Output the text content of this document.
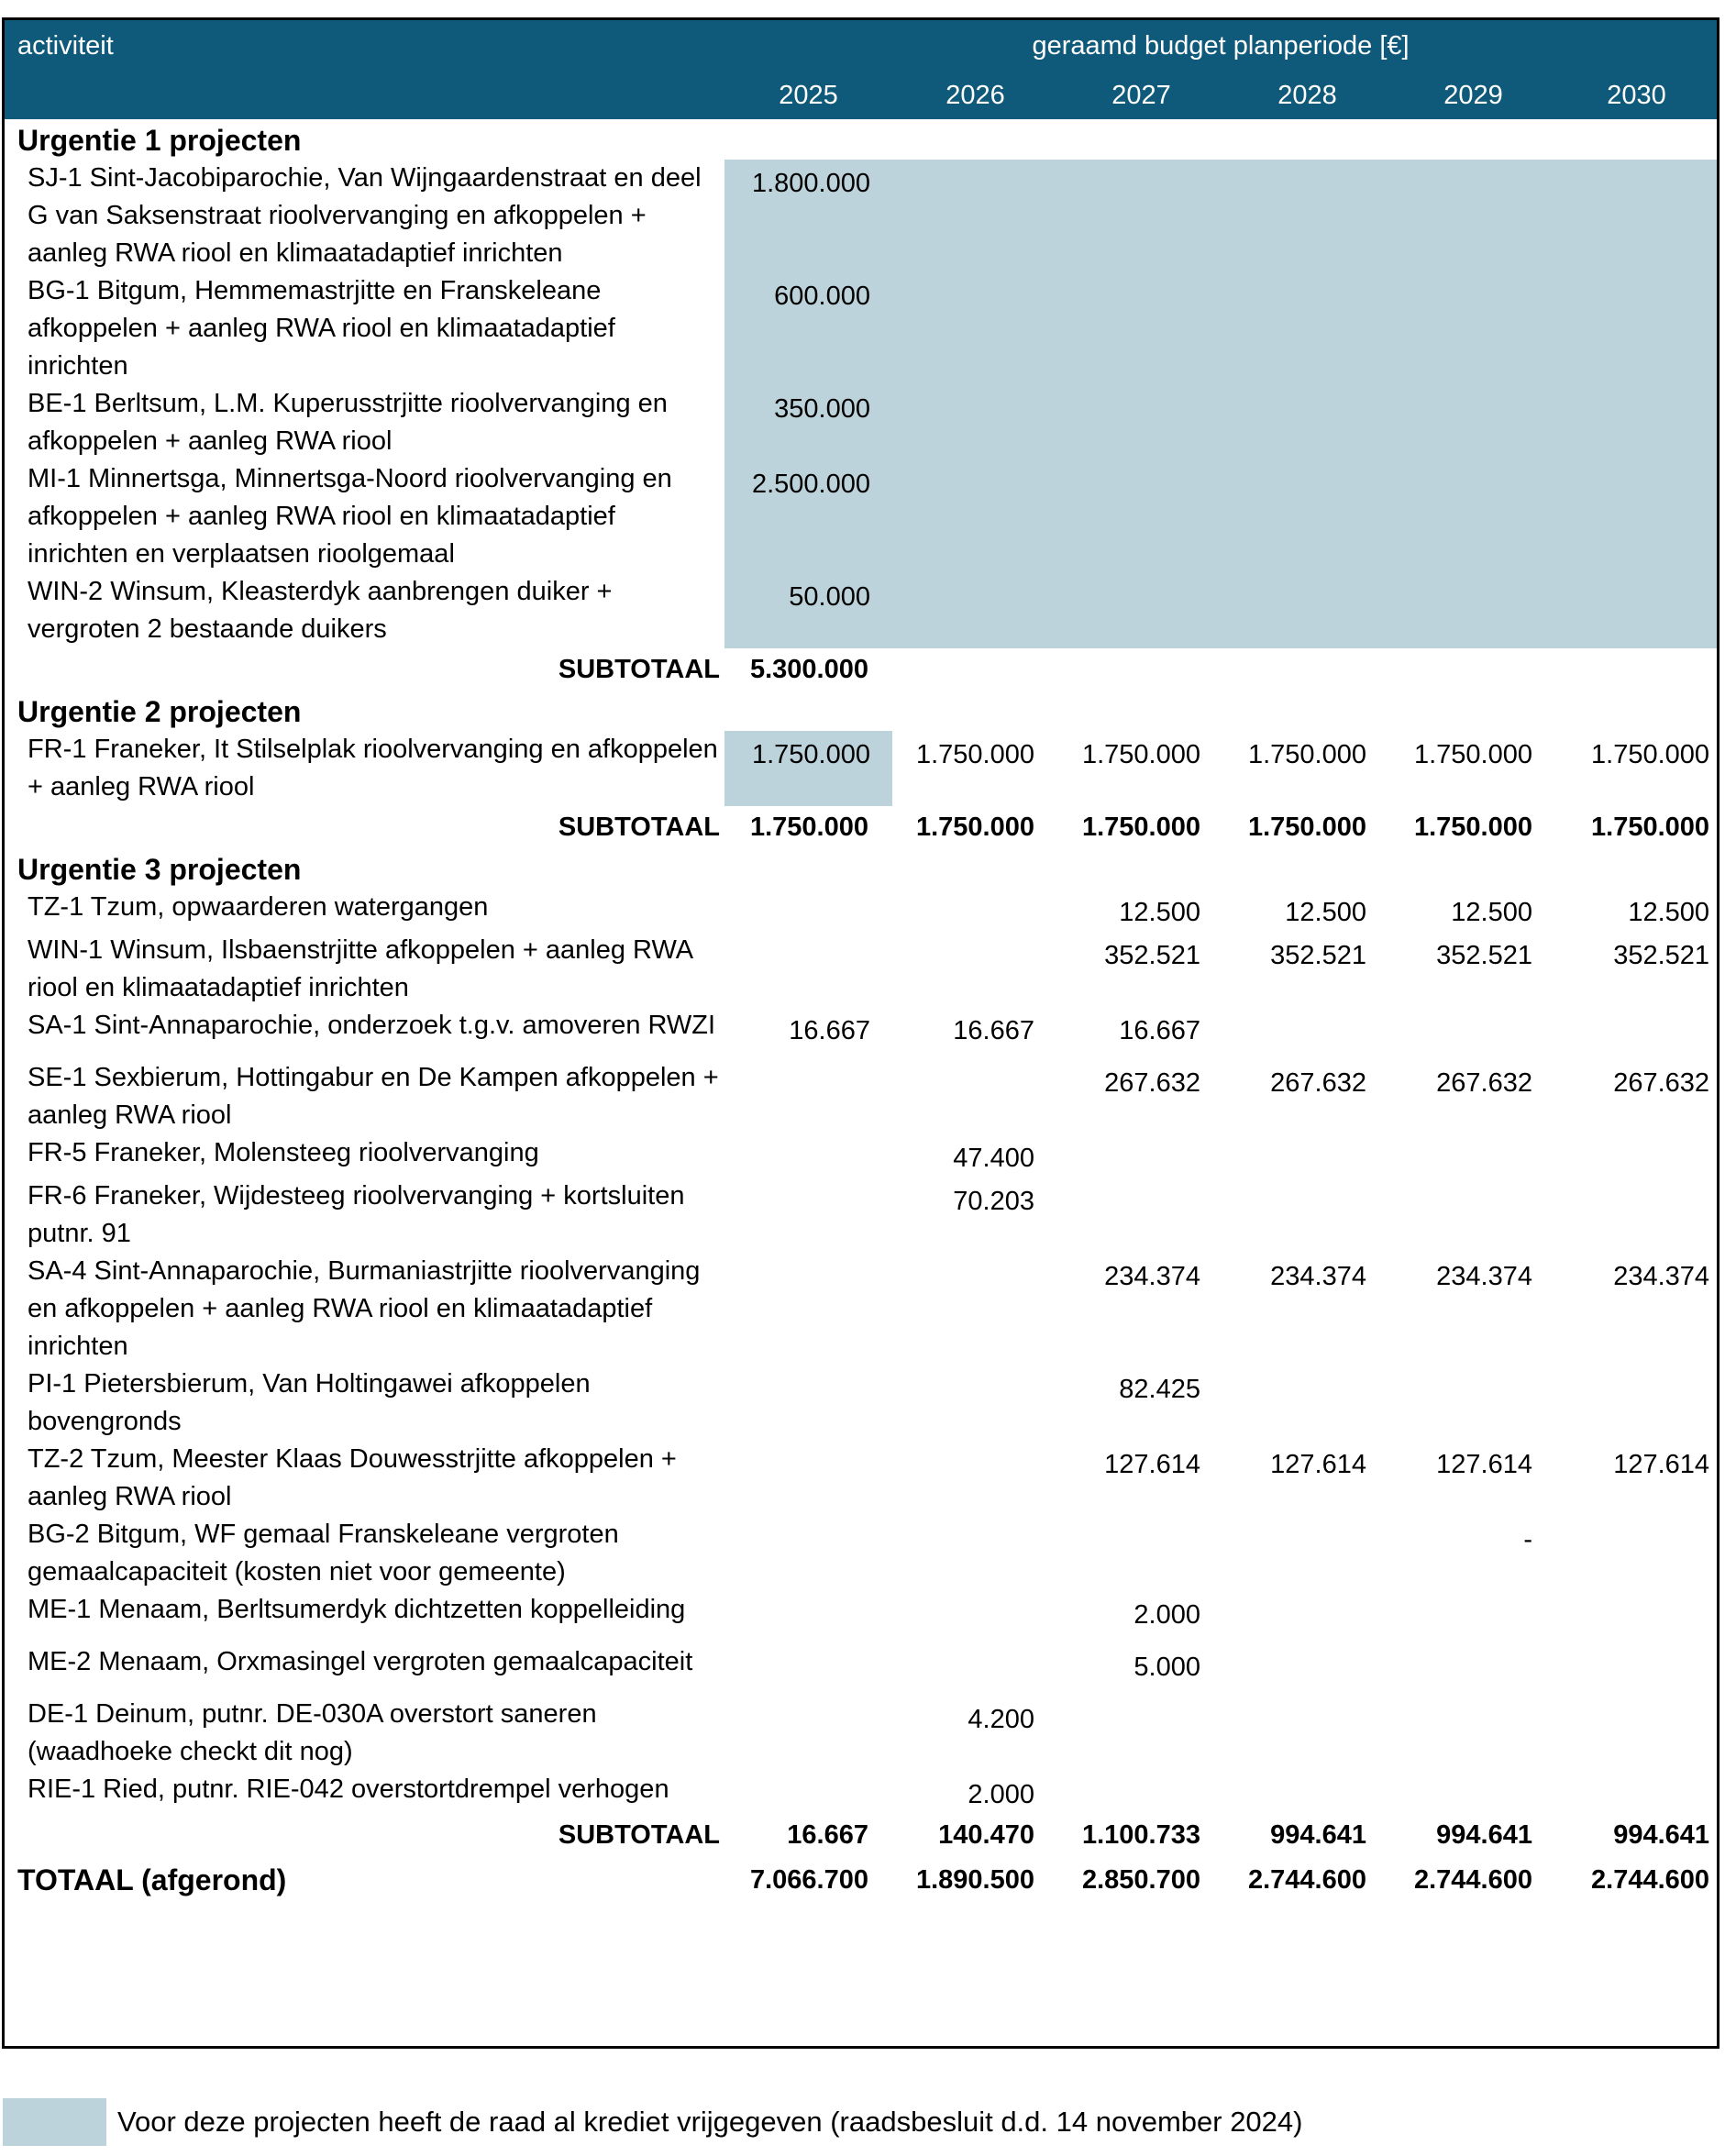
activiteit	geraamd budget planperiode [€]					
	2025	2026	2027	2028	2029	2030
Urgentie 1 projecten						
SJ-1 Sint-Jacobiparochie, Van Wijngaardenstraat en deel G van Saksenstraat rioolvervanging en afkoppelen + aanleg RWA riool en klimaatadaptief inrichten	1.800.000					
BG-1 Bitgum, Hemmemastrjitte en Franskeleane afkoppelen + aanleg RWA riool en klimaatadaptief inrichten	600.000					
BE-1 Berltsum, L.M. Kuperusstrjitte rioolvervanging en afkoppelen + aanleg RWA riool	350.000					
MI-1 Minnertsga, Minnertsga-Noord rioolvervanging en afkoppelen + aanleg RWA riool en klimaatadaptief inrichten en verplaatsen rioolgemaal	2.500.000					
WIN-2 Winsum, Kleasterdyk aanbrengen duiker + vergroten 2 bestaande duikers	50.000					
SUBTOTAAL	5.300.000					
Urgentie 2 projecten						
FR-1 Franeker, It Stilselplak rioolvervanging en afkoppelen + aanleg RWA riool	1.750.000	1.750.000	1.750.000	1.750.000	1.750.000	1.750.000
SUBTOTAAL	1.750.000	1.750.000	1.750.000	1.750.000	1.750.000	1.750.000
Urgentie 3 projecten						
TZ-1 Tzum, opwaarderen watergangen			12.500	12.500	12.500	12.500
WIN-1 Winsum, Ilsbaenstrjitte afkoppelen + aanleg RWA riool en klimaatadaptief inrichten			352.521	352.521	352.521	352.521
SA-1 Sint-Annaparochie, onderzoek t.g.v. amoveren RWZI	16.667	16.667	16.667			
SE-1 Sexbierum, Hottingabur en De Kampen afkoppelen + aanleg RWA riool			267.632	267.632	267.632	267.632
FR-5 Franeker, Molensteeg rioolvervanging		47.400				
FR-6 Franeker, Wijdesteeg rioolvervanging + kortsluiten putnr. 91		70.203				
SA-4 Sint-Annaparochie, Burmaniastrjitte rioolvervanging en afkoppelen + aanleg RWA riool en klimaatadaptief inrichten			234.374	234.374	234.374	234.374
PI-1 Pietersbierum, Van Holtingawei afkoppelen bovengronds			82.425			
TZ-2 Tzum, Meester Klaas Douwesstrjitte afkoppelen + aanleg RWA riool			127.614	127.614	127.614	127.614
BG-2 Bitgum, WF gemaal Franskeleane vergroten gemaalcapaciteit (kosten niet voor gemeente)					-	
ME-1 Menaam, Berltsumerdyk dichtzetten koppelleiding			2.000			
ME-2 Menaam, Orxmasingel vergroten gemaalcapaciteit			5.000			
DE-1 Deinum, putnr. DE-030A overstort saneren (waadhoeke checkt dit nog)		4.200				
RIE-1 Ried, putnr. RIE-042 overstortdrempel verhogen		2.000				
SUBTOTAAL	16.667	140.470	1.100.733	994.641	994.641	994.641
TOTAAL (afgerond)	7.066.700	1.890.500	2.850.700	2.744.600	2.744.600	2.744.600
Voor deze projecten heeft de raad al krediet vrijgegeven (raadsbesluit d.d. 14 november 2024)
